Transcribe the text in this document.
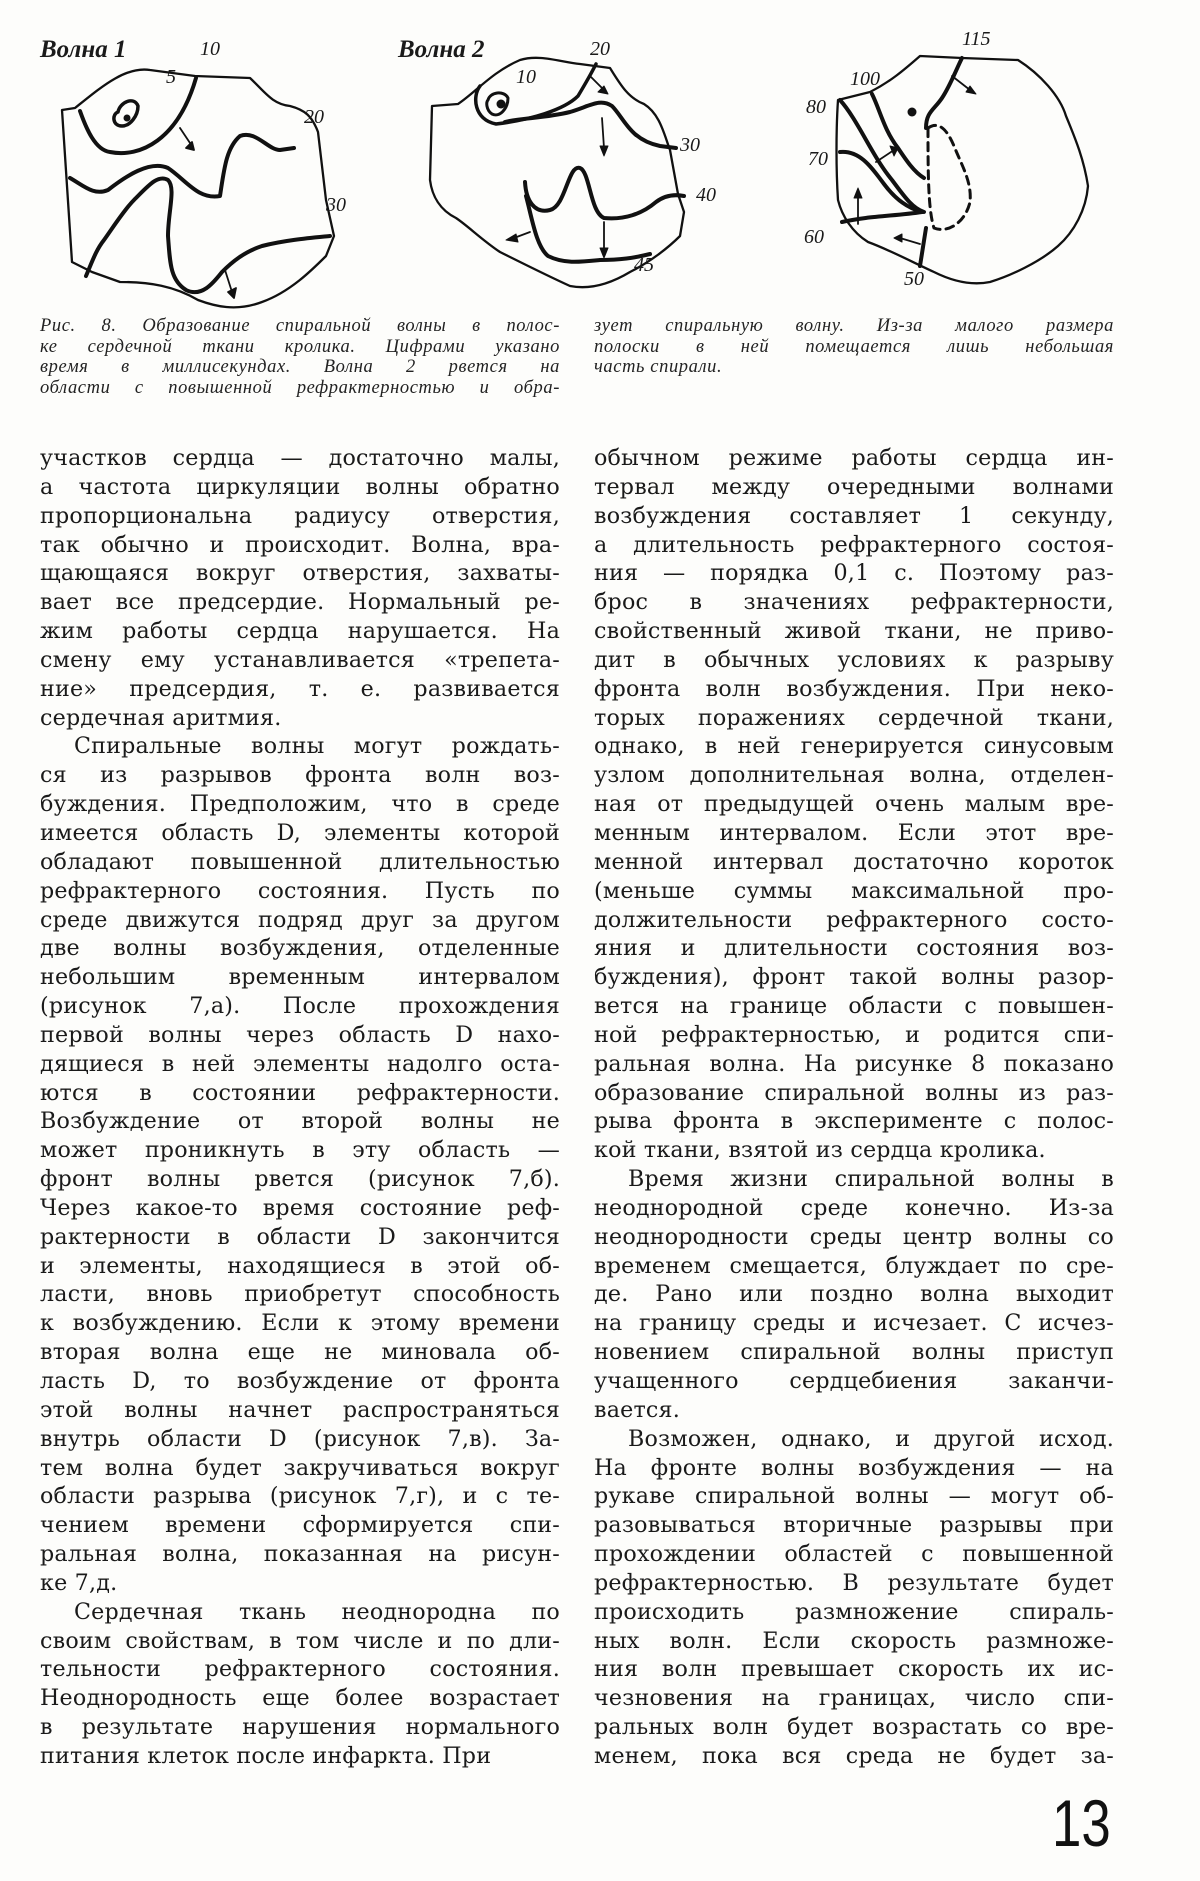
Волна 1
5
10
20
30
Волна 2
10
20
30
40
45
115
100
80
70
60
50
Рис. 8. Образование спиральной волны в полос-
ке сердечной ткани кролика. Цифрами указано
время в миллисекундах. Волна 2 рвется на
области с повышенной рефрактерностью и обра-
зует спиральную волну. Из-за малого размера
полоски в ней помещается лишь небольшая
часть спирали.
участков сердца — достаточно малы,
а частота циркуляции волны обратно
пропорциональна радиусу отверстия,
так обычно и происходит. Волна, вра-
щающаяся вокруг отверстия, захваты-
вает все предсердие. Нормальный ре-
жим работы сердца нарушается. На
смену ему устанавливается «трепета-
ние» предсердия, т. е. развивается
сердечная аритмия.
Спиральные волны могут рождать-
ся из разрывов фронта волн воз-
буждения. Предположим, что в среде
имеется область D, элементы которой
обладают повышенной длительностью
рефрактерного состояния. Пусть по
среде движутся подряд друг за другом
две волны возбуждения, отделенные
небольшим временным интервалом
(рисунок 7,а). После прохождения
первой волны через область D нахо-
дящиеся в ней элементы надолго оста-
ются в состоянии рефрактерности.
Возбуждение от второй волны не
может проникнуть в эту область —
фронт волны рвется (рисунок 7,б).
Через какое-то время состояние реф-
рактерности в области D закончится
и элементы, находящиеся в этой об-
ласти, вновь приобретут способность
к возбуждению. Если к этому времени
вторая волна еще не миновала об-
ласть D, то возбуждение от фронта
этой волны начнет распространяться
внутрь области D (рисунок 7,в). За-
тем волна будет закручиваться вокруг
области разрыва (рисунок 7,г), и с те-
чением времени сформируется спи-
ральная волна, показанная на рисун-
ке 7,д.
Сердечная ткань неоднородна по
своим свойствам, в том числе и по дли-
тельности рефрактерного состояния.
Неоднородность еще более возрастает
в результате нарушения нормального
питания клеток после инфаркта. При
обычном режиме работы сердца ин-
тервал между очередными волнами
возбуждения составляет 1 секунду,
а длительность рефрактерного состоя-
ния — порядка 0,1 с. Поэтому раз-
брос в значениях рефрактерности,
свойственный живой ткани, не приво-
дит в обычных условиях к разрыву
фронта волн возбуждения. При неко-
торых поражениях сердечной ткани,
однако, в ней генерируется синусовым
узлом дополнительная волна, отделен-
ная от предыдущей очень малым вре-
менным интервалом. Если этот вре-
менной интервал достаточно короток
(меньше суммы максимальной про-
должительности рефрактерного состо-
яния и длительности состояния воз-
буждения), фронт такой волны разор-
вется на границе области с повышен-
ной рефрактерностью, и родится спи-
ральная волна. На рисунке 8 показано
образование спиральной волны из раз-
рыва фронта в эксперименте с полос-
кой ткани, взятой из сердца кролика.
Время жизни спиральной волны в
неоднородной среде конечно. Из-за
неоднородности среды центр волны со
временем смещается, блуждает по сре-
де. Рано или поздно волна выходит
на границу среды и исчезает. С исчез-
новением спиральной волны приступ
учащенного сердцебиения заканчи-
вается.
Возможен, однако, и другой исход.
На фронте волны возбуждения — на
рукаве спиральной волны — могут об-
разовываться вторичные разрывы при
прохождении областей с повышенной
рефрактерностью. В результате будет
происходить размножение спираль-
ных волн. Если скорость размноже-
ния волн превышает скорость их ис-
чезновения на границах, число спи-
ральных волн будет возрастать со вре-
менем, пока вся среда не будет за-
13
